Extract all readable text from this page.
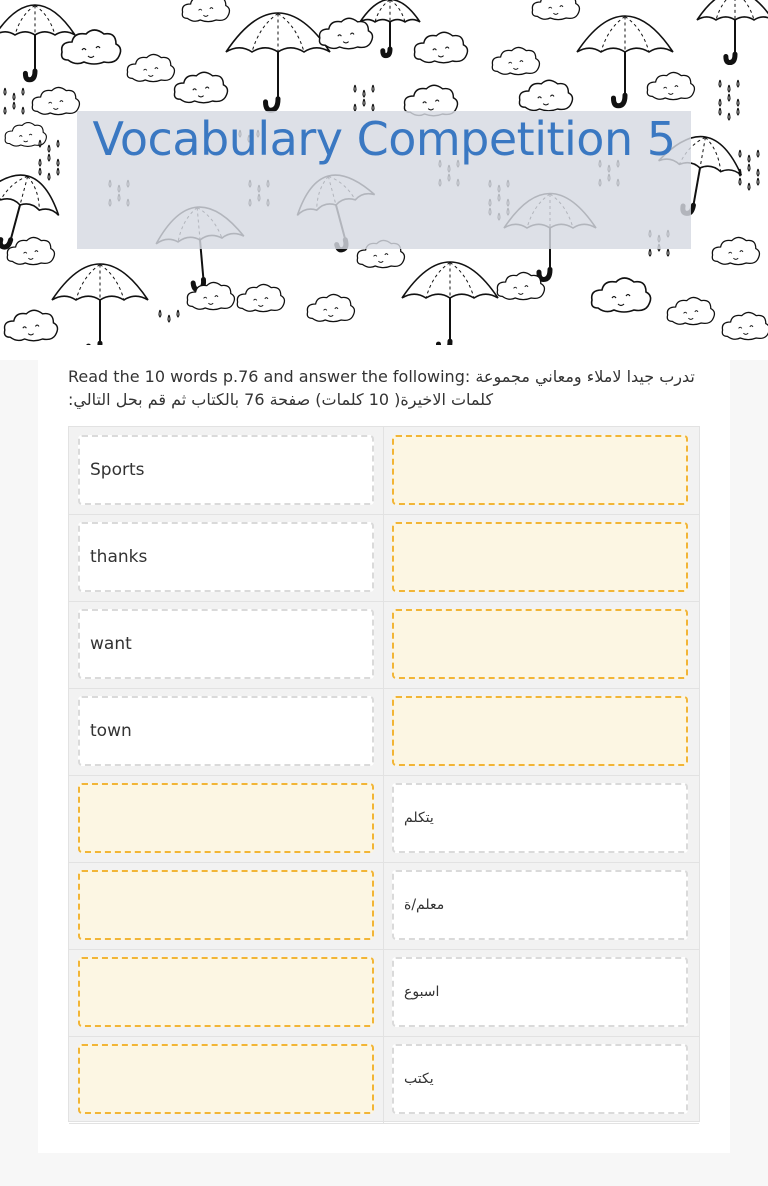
Vocabulary Competition 5
Read the 10 words p.76 and answer the following: تدرب جيدا لاملاء ومعاني مجموعة كلمات الاخيرة( 10 كلمات) صفحة 76 بالكتاب ثم قم بحل التالي:
Sports
thanks
want
town
يتكلم
معلم/ة
اسبوع
يكتب
